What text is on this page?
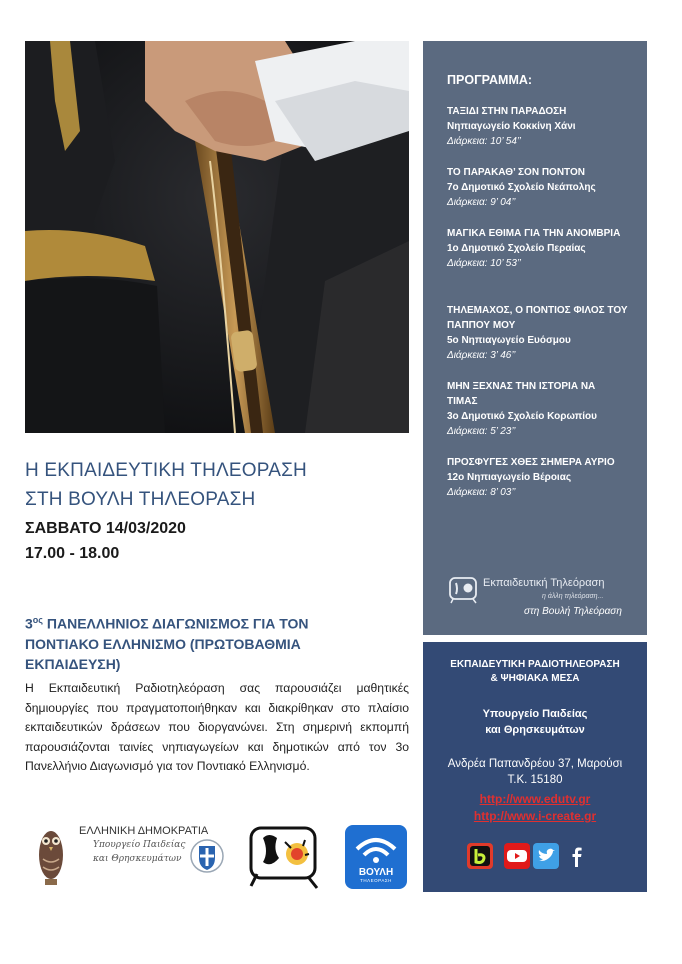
Η ΕΚΠΑΙΔΕΥΤΙΚΗ ΤΗΛΕΟΡΑΣΗ
ΣΤΗ ΒΟΥΛΗ ΤΗΛΕΟΡΑΣΗ
ΣΑΒΒΑΤΟ 14/03/2020
17.00 - 18.00
$3^{o\varsigma}$ ΠΑΝΕΛΛΗΝΙΟΣ ΔΙΑΓΩΝΙΣΜΟΣ ΓΙΑ ΤΟΝ
ΠΟΝΤΙΑΚΟ ΕΛΛΗΝΙΣΜΟ (ΠΡΩΤΟΒΑΘΜΙΑ
ΕΚΠΑΙΔΕΥΣΗ)
Η Εκπαιδευτική Ραδιοτηλεόραση σας παρουσιάζει μαθητικές δημιουργίες που πραγματοποιήθηκαν και διακρίθηκαν στο πλαίσιο εκπαιδευτικών δράσεων που διοργανώνει. Στη σημερινή εκπομπή παρουσιάζονται ταινίες νηπιαγωγείων και δημοτικών από τον 3ο Πανελλήνιο Διαγωνισμό για τον Ποντιακό Ελληνισμό.
ΕΛΛΗΝΙΚΗ ΔΗΜΟΚΡΑΤΙΑ
Υπουργείο Παιδείας
και Θρησκευμάτων
ΒΟΥΛΗ
ΤΗΛΕΟΡΑΣΗ
ΠΡΟΓΡΑΜΜΑ:
ΤΑΞΙΔΙ ΣΤΗΝ ΠΑΡΑΔΟΣΗ
Νηπιαγωγείο Κοκκίνη Χάνι
Διάρκεια: 10’ 54’’
ΤΟ ΠΑΡΑΚΑΘ’ ΣΟΝ ΠΟΝΤΟΝ
7ο Δημοτικό Σχολείο Νεάπολης
Διάρκεια: 9’ 04’’
ΜΑΓΙΚΑ ΕΘΙΜΑ ΓΙΑ ΤΗΝ ΑΝΟΜΒΡΙΑ
1ο Δημοτικό Σχολείο Περαίας
Διάρκεια: 10’ 53’’
ΤΗΛΕΜΑΧΟΣ, Ο ΠΟΝΤΙΟΣ ΦΙΛΟΣ ΤΟΥ ΠΑΠΠΟΥ ΜΟΥ
5ο Νηπιαγωγείο Ευόσμου
Διάρκεια: 3’ 46’’
ΜΗΝ ΞΕΧΝΑΣ ΤΗΝ ΙΣΤΟΡΙΑ ΝΑ ΤΙΜΑΣ
3ο Δημοτικό Σχολείο Κορωπίου
Διάρκεια: 5’ 23’’
ΠΡΟΣΦΥΓΕΣ ΧΘΕΣ ΣΗΜΕΡΑ ΑΥΡΙΟ
12ο Νηπιαγωγείο Βέροιας
Διάρκεια: 8’ 03’’
Εκπαιδευτική Τηλεόραση
η άλλη τηλεόραση...
στη Βουλή Τηλεόραση
ΕΚΠΑΙΔΕΥΤΙΚΗ ΡΑΔΙΟΤΗΛΕΟΡΑΣΗ
& ΨΗΦΙΑΚΑ ΜΕΣΑ
Υπουργείο Παιδείας
και Θρησκευμάτων
Ανδρέα Παπανδρέου 37, Μαρούσι
Τ.Κ. 15180
http://www.edutv.gr
http://www.i-create.gr
